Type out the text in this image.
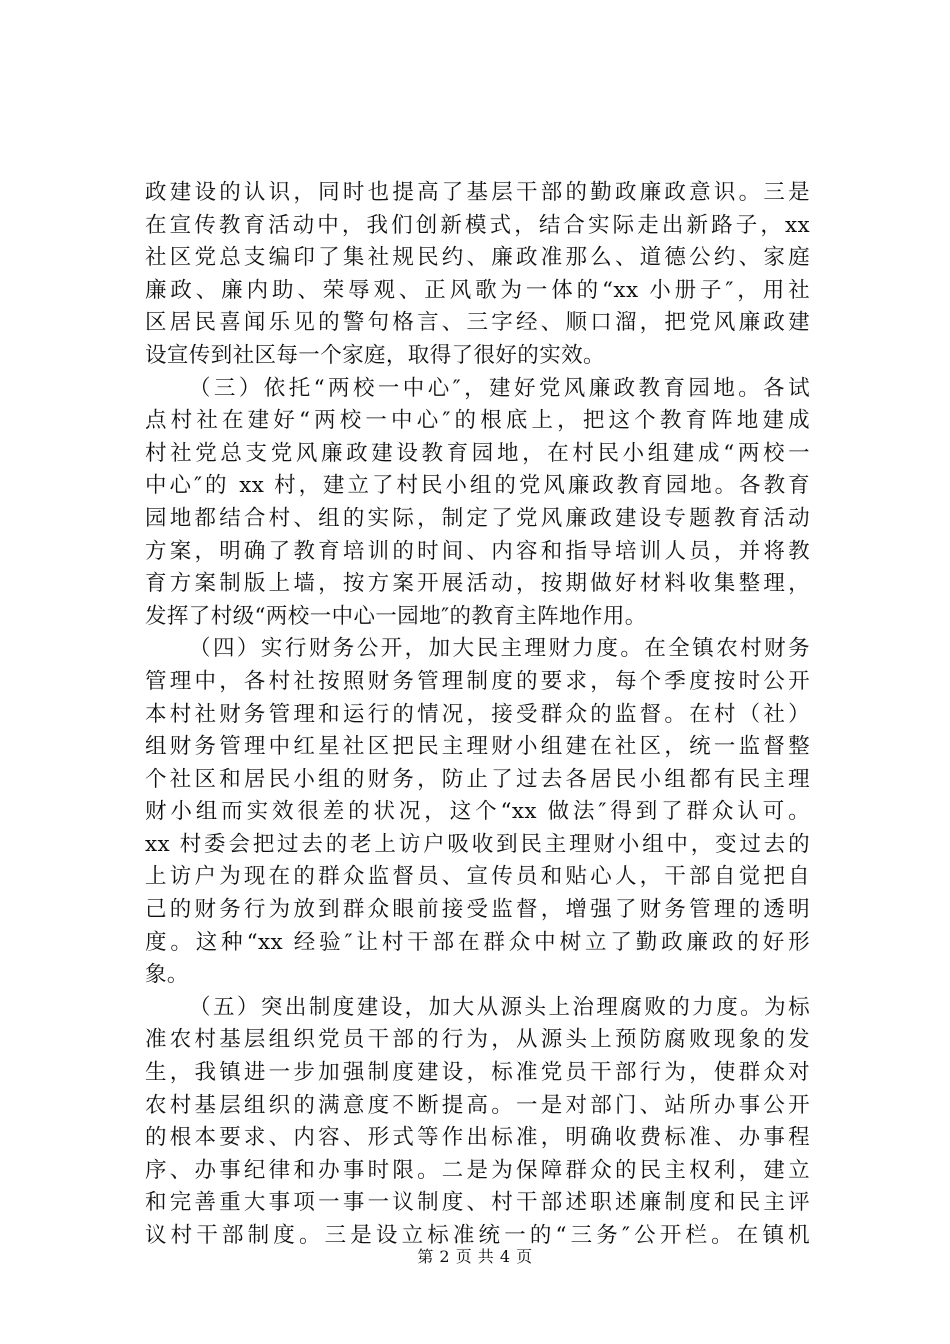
政建设的认识，同时也提高了基层干部的勤政廉政意识。三是
在宣传教育活动中，我们创新模式，结合实际走出新路子，xx
社区党总支编印了集社规民约、廉政准那么、道德公约、家庭
廉政、廉内助、荣辱观、正风歌为一体的“xx 小册子″，用社
区居民喜闻乐见的警句格言、三字经、顺口溜，把党风廉政建
设宣传到社区每一个家庭，取得了很好的实效。
（三）依托“两校一中心″，建好党风廉政教育园地。各试
点村社在建好“两校一中心″的根底上，把这个教育阵地建成
村社党总支党风廉政建设教育园地，在村民小组建成“两校一
中心″的 xx 村，建立了村民小组的党风廉政教育园地。各教育
园地都结合村、组的实际，制定了党风廉政建设专题教育活动
方案，明确了教育培训的时间、内容和指导培训人员，并将教
育方案制版上墙，按方案开展活动，按期做好材料收集整理，
发挥了村级“两校一中心一园地″的教育主阵地作用。
（四）实行财务公开，加大民主理财力度。在全镇农村财务
管理中，各村社按照财务管理制度的要求，每个季度按时公开
本村社财务管理和运行的情况，接受群众的监督。在村（社）
组财务管理中红星社区把民主理财小组建在社区，统一监督整
个社区和居民小组的财务，防止了过去各居民小组都有民主理
财小组而实效很差的状况，这个“xx 做法″得到了群众认可。
xx 村委会把过去的老上访户吸收到民主理财小组中，变过去的
上访户为现在的群众监督员、宣传员和贴心人，干部自觉把自
己的财务行为放到群众眼前接受监督，增强了财务管理的透明
度。这种“xx 经验″让村干部在群众中树立了勤政廉政的好形
象。
（五）突出制度建设，加大从源头上治理腐败的力度。为标
准农村基层组织党员干部的行为，从源头上预防腐败现象的发
生，我镇进一步加强制度建设，标准党员干部行为，使群众对
农村基层组织的满意度不断提高。一是对部门、站所办事公开
的根本要求、内容、形式等作出标准，明确收费标准、办事程
序、办事纪律和办事时限。二是为保障群众的民主权利，建立
和完善重大事项一事一议制度、村干部述职述廉制度和民主评
议村干部制度。三是设立标准统一的“三务″公开栏。在镇机
第 2 页 共 4 页
